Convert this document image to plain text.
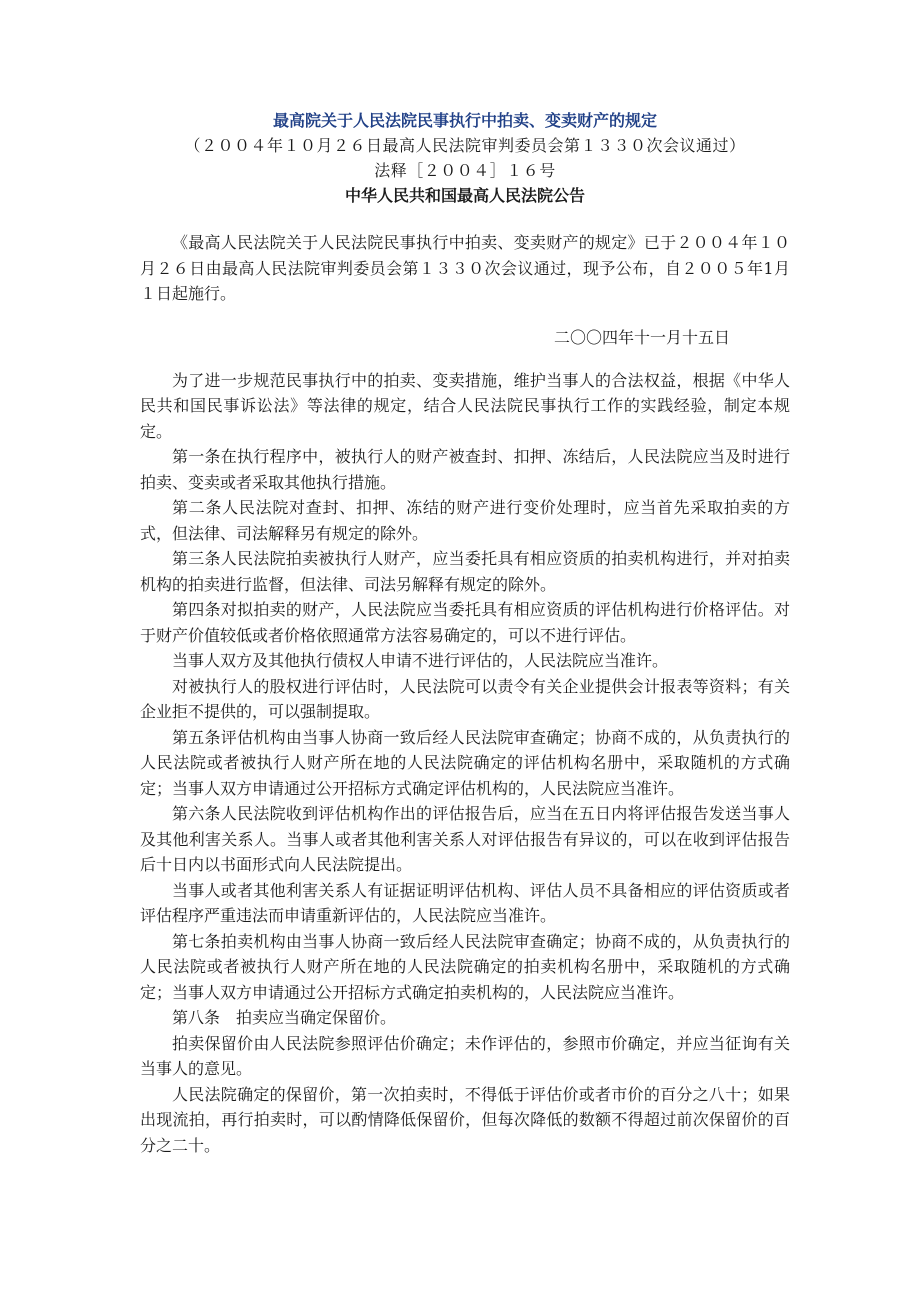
最高院关于人民法院民事执行中拍卖、变卖财产的规定

（２００４年１０月２６日最高人民法院审判委员会第１３３０次会议通过）

法释［２００４］１６号

中华人民共和国最高人民法院公告

《最高人民法院关于人民法院民事执行中拍卖、变卖财产的规定》已于２００４年１０月２６日由最高人民法院审判委员会第１３３０次会议通过，现予公布，自２００５年1月１日起施行。

二〇〇四年十一月十五日

为了进一步规范民事执行中的拍卖、变卖措施，维护当事人的合法权益，根据《中华人民共和国民事诉讼法》等法律的规定，结合人民法院民事执行工作的实践经验，制定本规定。

第一条在执行程序中，被执行人的财产被查封、扣押、冻结后，人民法院应当及时进行拍卖、变卖或者采取其他执行措施。

第二条人民法院对查封、扣押、冻结的财产进行变价处理时，应当首先采取拍卖的方式，但法律、司法解释另有规定的除外。

第三条人民法院拍卖被执行人财产，应当委托具有相应资质的拍卖机构进行，并对拍卖机构的拍卖进行监督，但法律、司法另解释有规定的除外。

第四条对拟拍卖的财产，人民法院应当委托具有相应资质的评估机构进行价格评估。对于财产价值较低或者价格依照通常方法容易确定的，可以不进行评估。

当事人双方及其他执行债权人申请不进行评估的，人民法院应当准许。

对被执行人的股权进行评估时，人民法院可以责令有关企业提供会计报表等资料；有关企业拒不提供的，可以强制提取。

第五条评估机构由当事人协商一致后经人民法院审查确定；协商不成的，从负责执行的人民法院或者被执行人财产所在地的人民法院确定的评估机构名册中，采取随机的方式确定；当事人双方申请通过公开招标方式确定评估机构的，人民法院应当准许。

第六条人民法院收到评估机构作出的评估报告后，应当在五日内将评估报告发送当事人及其他利害关系人。当事人或者其他利害关系人对评估报告有异议的，可以在收到评估报告后十日内以书面形式向人民法院提出。

当事人或者其他利害关系人有证据证明评估机构、评估人员不具备相应的评估资质或者评估程序严重违法而申请重新评估的，人民法院应当准许。

第七条拍卖机构由当事人协商一致后经人民法院审查确定；协商不成的，从负责执行的人民法院或者被执行人财产所在地的人民法院确定的拍卖机构名册中，采取随机的方式确定；当事人双方申请通过公开招标方式确定拍卖机构的，人民法院应当准许。

第八条　拍卖应当确定保留价。

拍卖保留价由人民法院参照评估价确定；未作评估的，参照市价确定，并应当征询有关当事人的意见。

人民法院确定的保留价，第一次拍卖时，不得低于评估价或者市价的百分之八十；如果出现流拍，再行拍卖时，可以酌情降低保留价，但每次降低的数额不得超过前次保留价的百分之二十。
